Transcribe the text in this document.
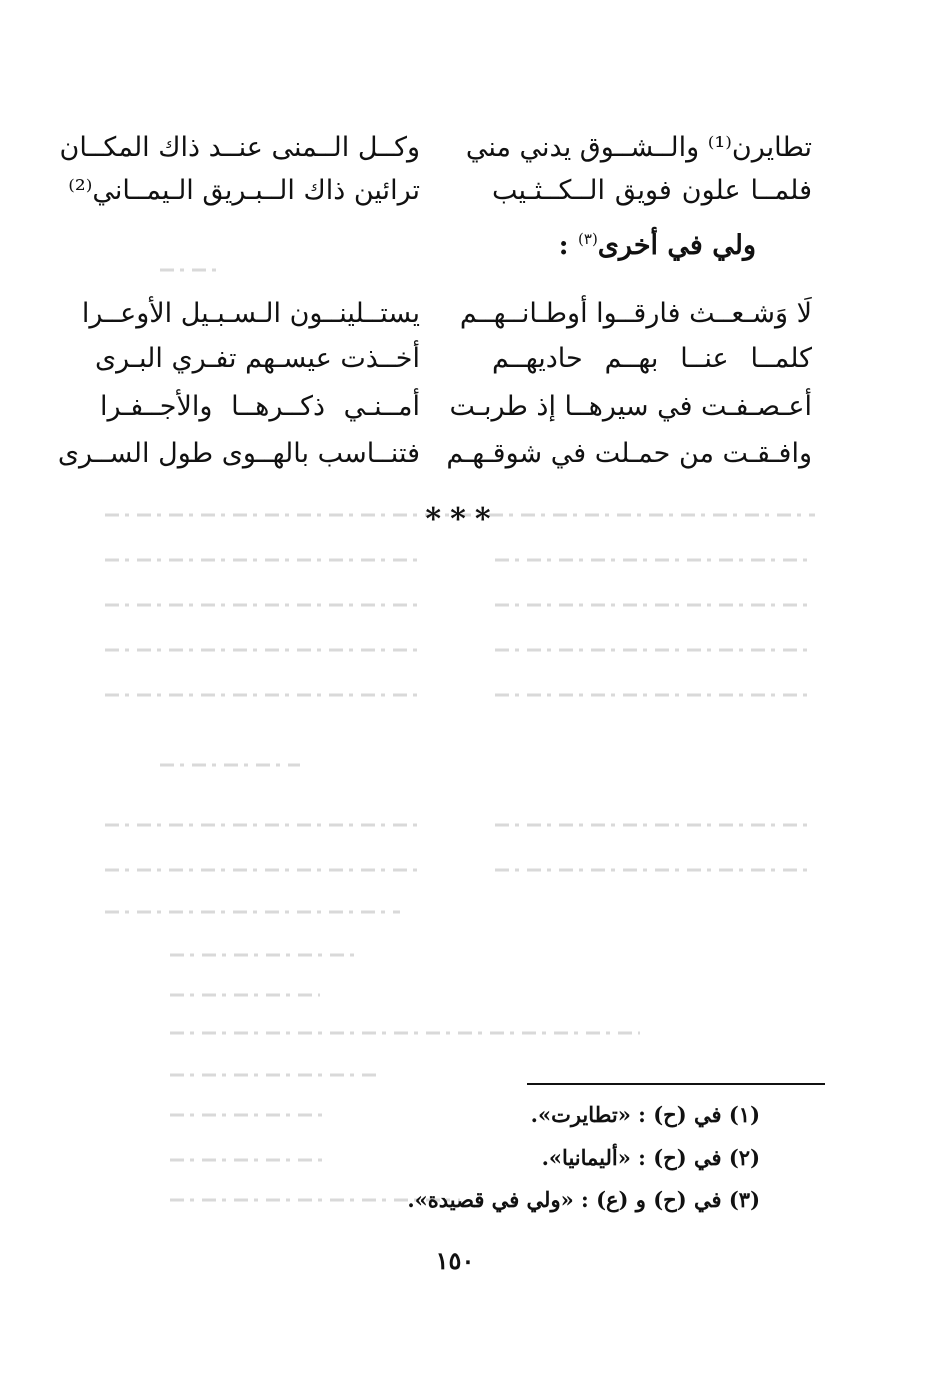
تطايرن⁽¹⁾ والــشــوق يدني مني
فلمــا علون فويق الــكــثـيب
وكــل الــمنى عنــد ذاك المكــان
ترائين ذاك الــبـريق الـيمــاني⁽²⁾
ولي في أخرى$^{(٣)}$ :
لَا وَشـعــث فارقــوا أوطـانــهــم
كلمــا عنــا بهــم حاديهــم
أعـصـفـت في سيرهــا إذ طربـت
وافـقـت من حمـلت في شوقـهـم
يستــلينــون الـسـبـيل الأوعــرا
أخــذت عيسـهم تفـري البـرى
أمــنـي ذكــرهــا والأجــفـرا
فتنــاسب بالهــوى طول الســرى
∗∗∗
(١) في (ح) : «تطايرت».
(٢) في (ح) : «أليمانيا».
(٣) في (ح) و (ع) : «ولي في قصيدة».
١٥٠
